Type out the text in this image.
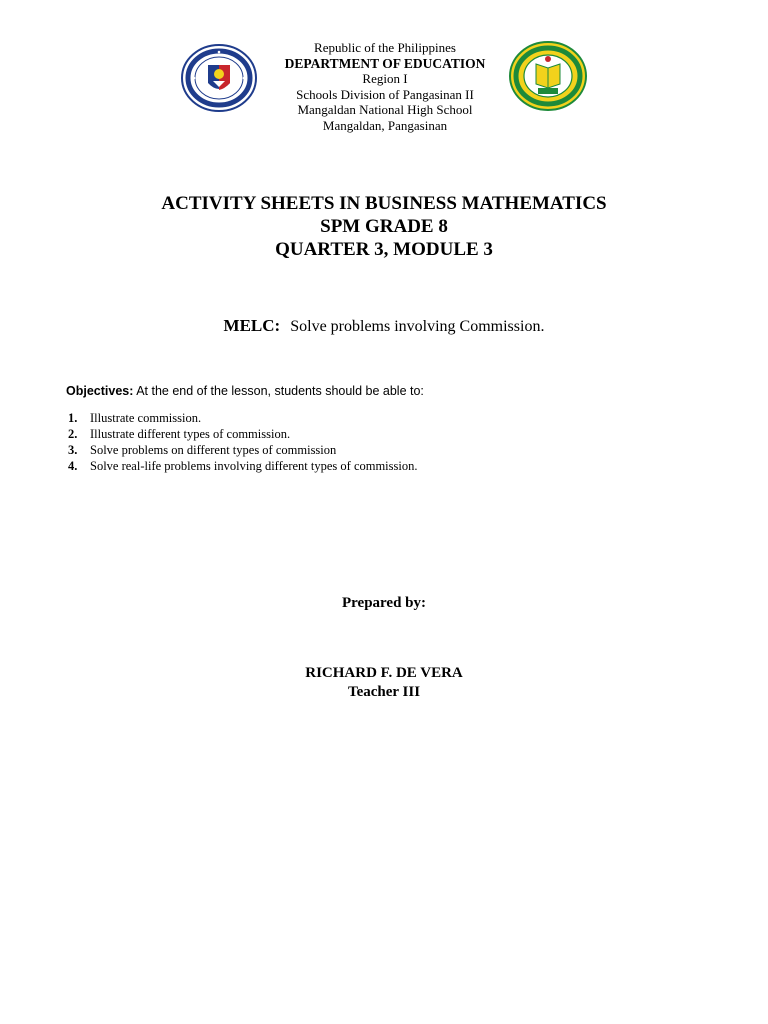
Republic of the Philippines
DEPARTMENT OF EDUCATION
Region I
Schools Division of Pangasinan II
Mangaldan National High School
Mangaldan, Pangasinan
ACTIVITY SHEETS IN BUSINESS MATHEMATICS
SPM GRADE 8
QUARTER 3, MODULE 3
MELC: Solve problems involving Commission.
Objectives: At the end of the lesson, students should be able to:
1.	Illustrate commission.
2.	Illustrate different types of commission.
3.	Solve problems on different types of commission
4.	Solve real-life problems involving different types of commission.
Prepared by:
RICHARD F. DE VERA
Teacher III
